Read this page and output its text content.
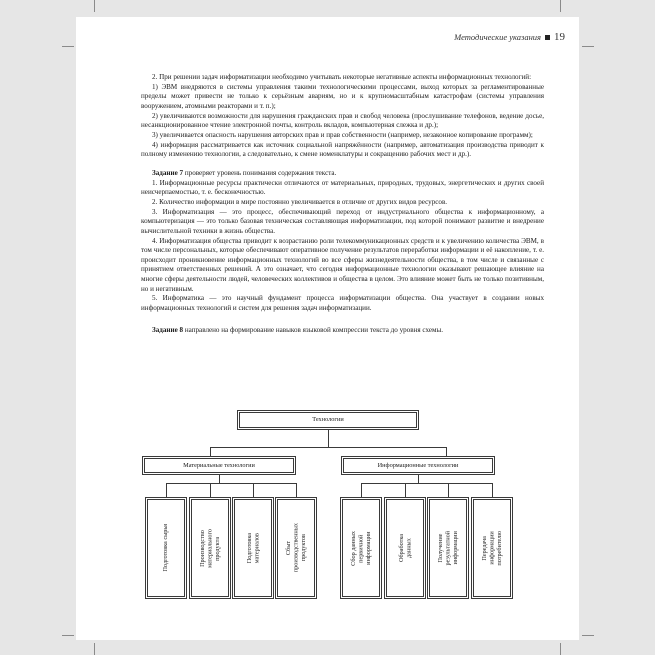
Методические указания 19

2. При решении задач информатизации необходимо учитывать некоторые негативные аспекты информационных технологий:

1) ЭВМ внедряются в системы управления такими технологическими процессами, выход которых за регламентированные пределы может привести не только к серьёзным авариям, но и к крупномасштабным катастрофам (системы управления вооружением, атомными реакторами и т. п.);

2) увеличиваются возможности для нарушения гражданских прав и свобод человека (прослушивание телефонов, ведение досье, несанкционированное чтение электронной почты, контроль вкладов, компьютерная слежка и др.);

3) увеличивается опасность нарушения авторских прав и прав собственности (например, незаконное копирование программ);

4) информация рассматривается как источник социальной напряжённости (например, автоматизация производства приводит к полному изменению технологии, а следовательно, к смене номенклатуры и сокращению рабочих мест и др.).

Задание 7 проверяет уровень понимания содержания текста.

1. Информационные ресурсы практически отличаются от материальных, природных, трудовых, энергетических и других своей неисчерпаемостью, т. е. бесконечностью.

2. Количество информации в мире постоянно увеличивается в отличие от других видов ресурсов.

3. Информатизация — это процесс, обеспечивающий переход от индустриального общества к информационному, а компьютеризация — это только базовая техническая составляющая информатизации, под которой понимают развитие и внедрение вычислительной техники в жизнь общества.

4. Информатизация общества приводит к возрастанию роли телекоммуникационных средств и к увеличению количества ЭВМ, в том числе персональных, которые обеспечивают оперативное получение результатов переработки информации и её накопление, т. е. происходит проникновение информационных технологий во все сферы жизнедеятельности общества, в том числе и связанные с принятием ответственных решений. А это означает, что сегодня информационные технологии оказывают решающее влияние на многие сферы деятельности людей, человеческих коллективов и общества в целом. Это влияние может быть не только позитивным, но и негативным.

5. Информатика — это научный фундамент процесса информатизации общества. Она участвует в создании новых информационных технологий и систем для решения задач информатизации.

Задание 8 направлено на формирование навыков языковой компрессии текста до уровня схемы.

Технологии
Материальные технологии	Информационные технологии
Подготовка сырья	Производство
материального
продукта	Подготовка
материалов	Сбыт
производственных
продуктов	Сбор данных
первичной
информации	Обработка
данных	Получение
результатной
информации	Передача
информации
потребителю
